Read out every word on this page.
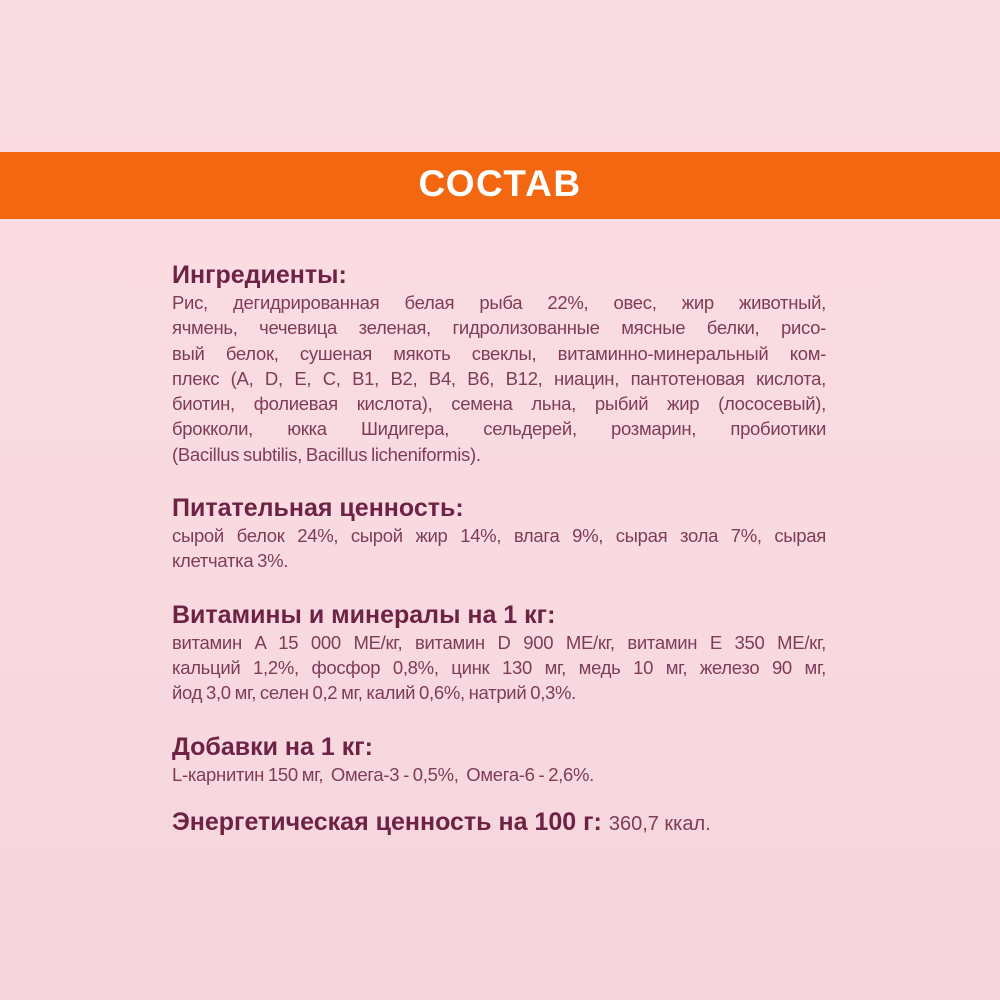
СОСТАВ
Ингредиенты:
Рис, дегидрированная белая рыба 22%, овес, жир животный,
ячмень, чечевица зеленая, гидролизованные мясные белки, рисо-
вый белок, сушеная мякоть свеклы, витаминно-минеральный ком-
плекс (A, D, E, C, B1, B2, B4, B6, B12, ниацин, пантотеновая кислота,
биотин, фолиевая кислота), семена льна, рыбий жир (лососевый),
брокколи, юкка Шидигера, сельдерей, розмарин, пробиотики
(Bacillus subtilis, Bacillus licheniformis).
Питательная ценность:
сырой белок 24%, сырой жир 14%, влага 9%, сырая зола 7%, сырая
клетчатка 3%.
Витамины и минералы на 1 кг:
витамин A 15 000 МЕ/кг, витамин D 900 МЕ/кг, витамин E 350 МЕ/кг,
кальций 1,2%, фосфор 0,8%, цинк 130 мг, медь 10 мг, железо 90 мг,
йод 3,0 мг, селен 0,2 мг, калий 0,6%, натрий 0,3%.
Добавки на 1 кг:
L-карнитин 150 мг,  Омега-3 - 0,5%,  Омега-6 - 2,6%.
Энергетическая ценность на 100 г: 360,7 ккал.
